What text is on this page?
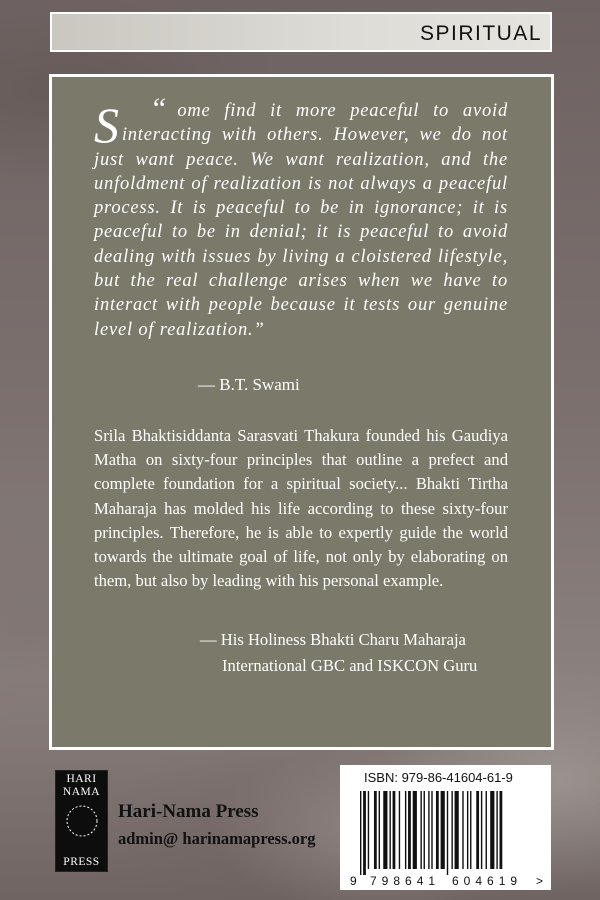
SPIRITUAL
“
S	ome find it more peaceful to avoid interacting with others. However, we do not just want peace. We want realization, and the unfoldment of realization is not always a peaceful process. It is peaceful to be in ignorance; it is peaceful to be in denial; it is peaceful to avoid dealing with issues by living a cloistered lifestyle, but the real challenge arises when we have to interact with people because it tests our genuine level of realization.”
— B.T. Swami
Srila Bhaktisiddanta Sarasvati Thakura founded his Gaudiya Matha on sixty-four principles that outline a prefect and complete foundation for a spiritual society... Bhakti Tirtha Maharaja has molded his life according to these sixty-four principles. Therefore, he is able to expertly guide the world towards the ultimate goal of life, not only by elaborating on them, but also by leading with his personal example.
— His Holiness Bhakti Charu Maharaja
International GBC and ISKCON Guru
HARI NAMA
PRESS
Hari-Nama Press
admin@ harinamapress.org
ISBN: 979-86-41604-61-9
9 798641 604619 >
